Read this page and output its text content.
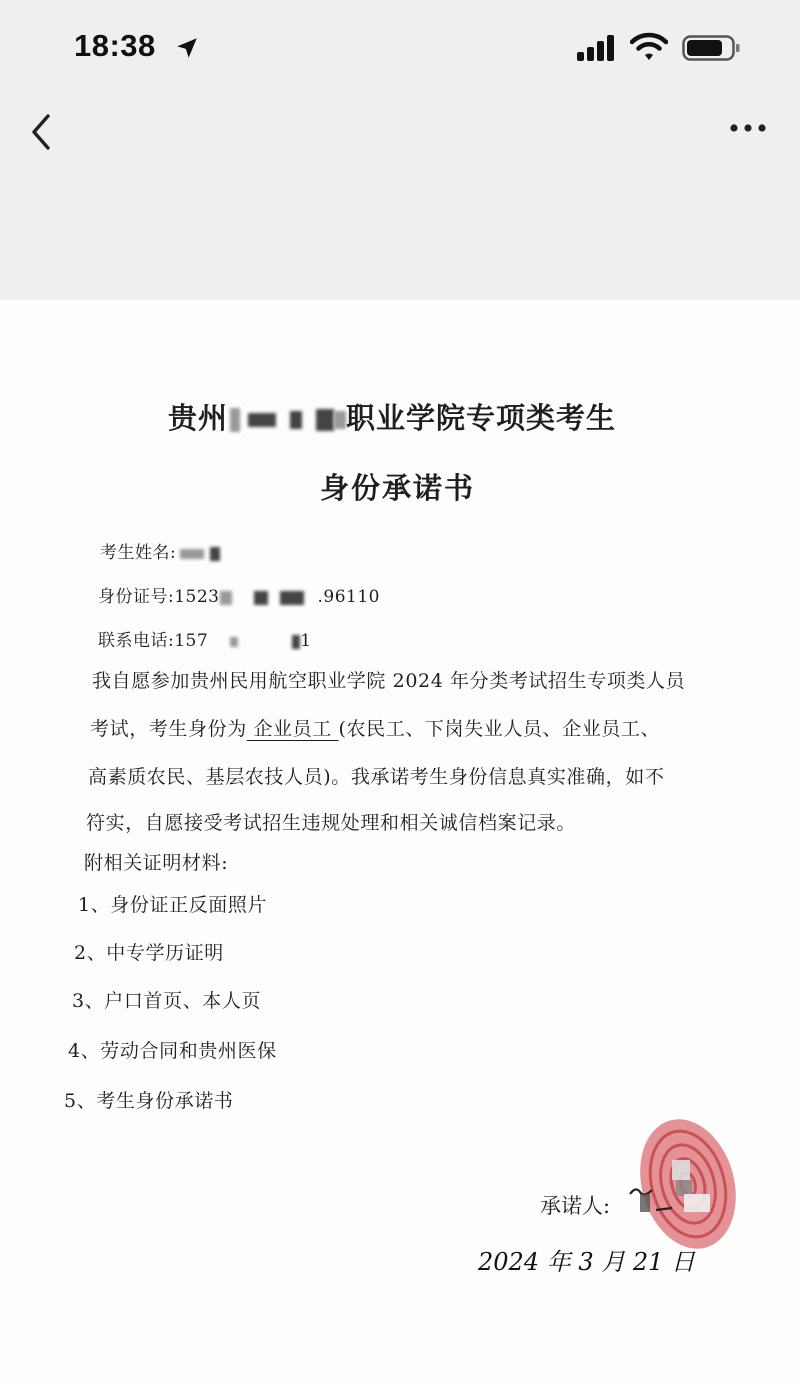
18:38
贵州	职业学院专项类考生
身份承诺书
考生姓名:
身份证号:1523	.96110
联系电话:157	1
我自愿参加贵州民用航空职业学院 2024 年分类考试招生专项类人员
考试，考生身份为 企业员工 (农民工、下岗失业人员、企业员工、
高素质农民、基层农技人员)。我承诺考生身份信息真实准确，如不
符实，自愿接受考试招生违规处理和相关诚信档案记录。
附相关证明材料:
1、身份证正反面照片
2、中专学历证明
3、户口首页、本人页
4、劳动合同和贵州医保
5、考生身份承诺书
承诺人:
2024 年 3 月 21 日
